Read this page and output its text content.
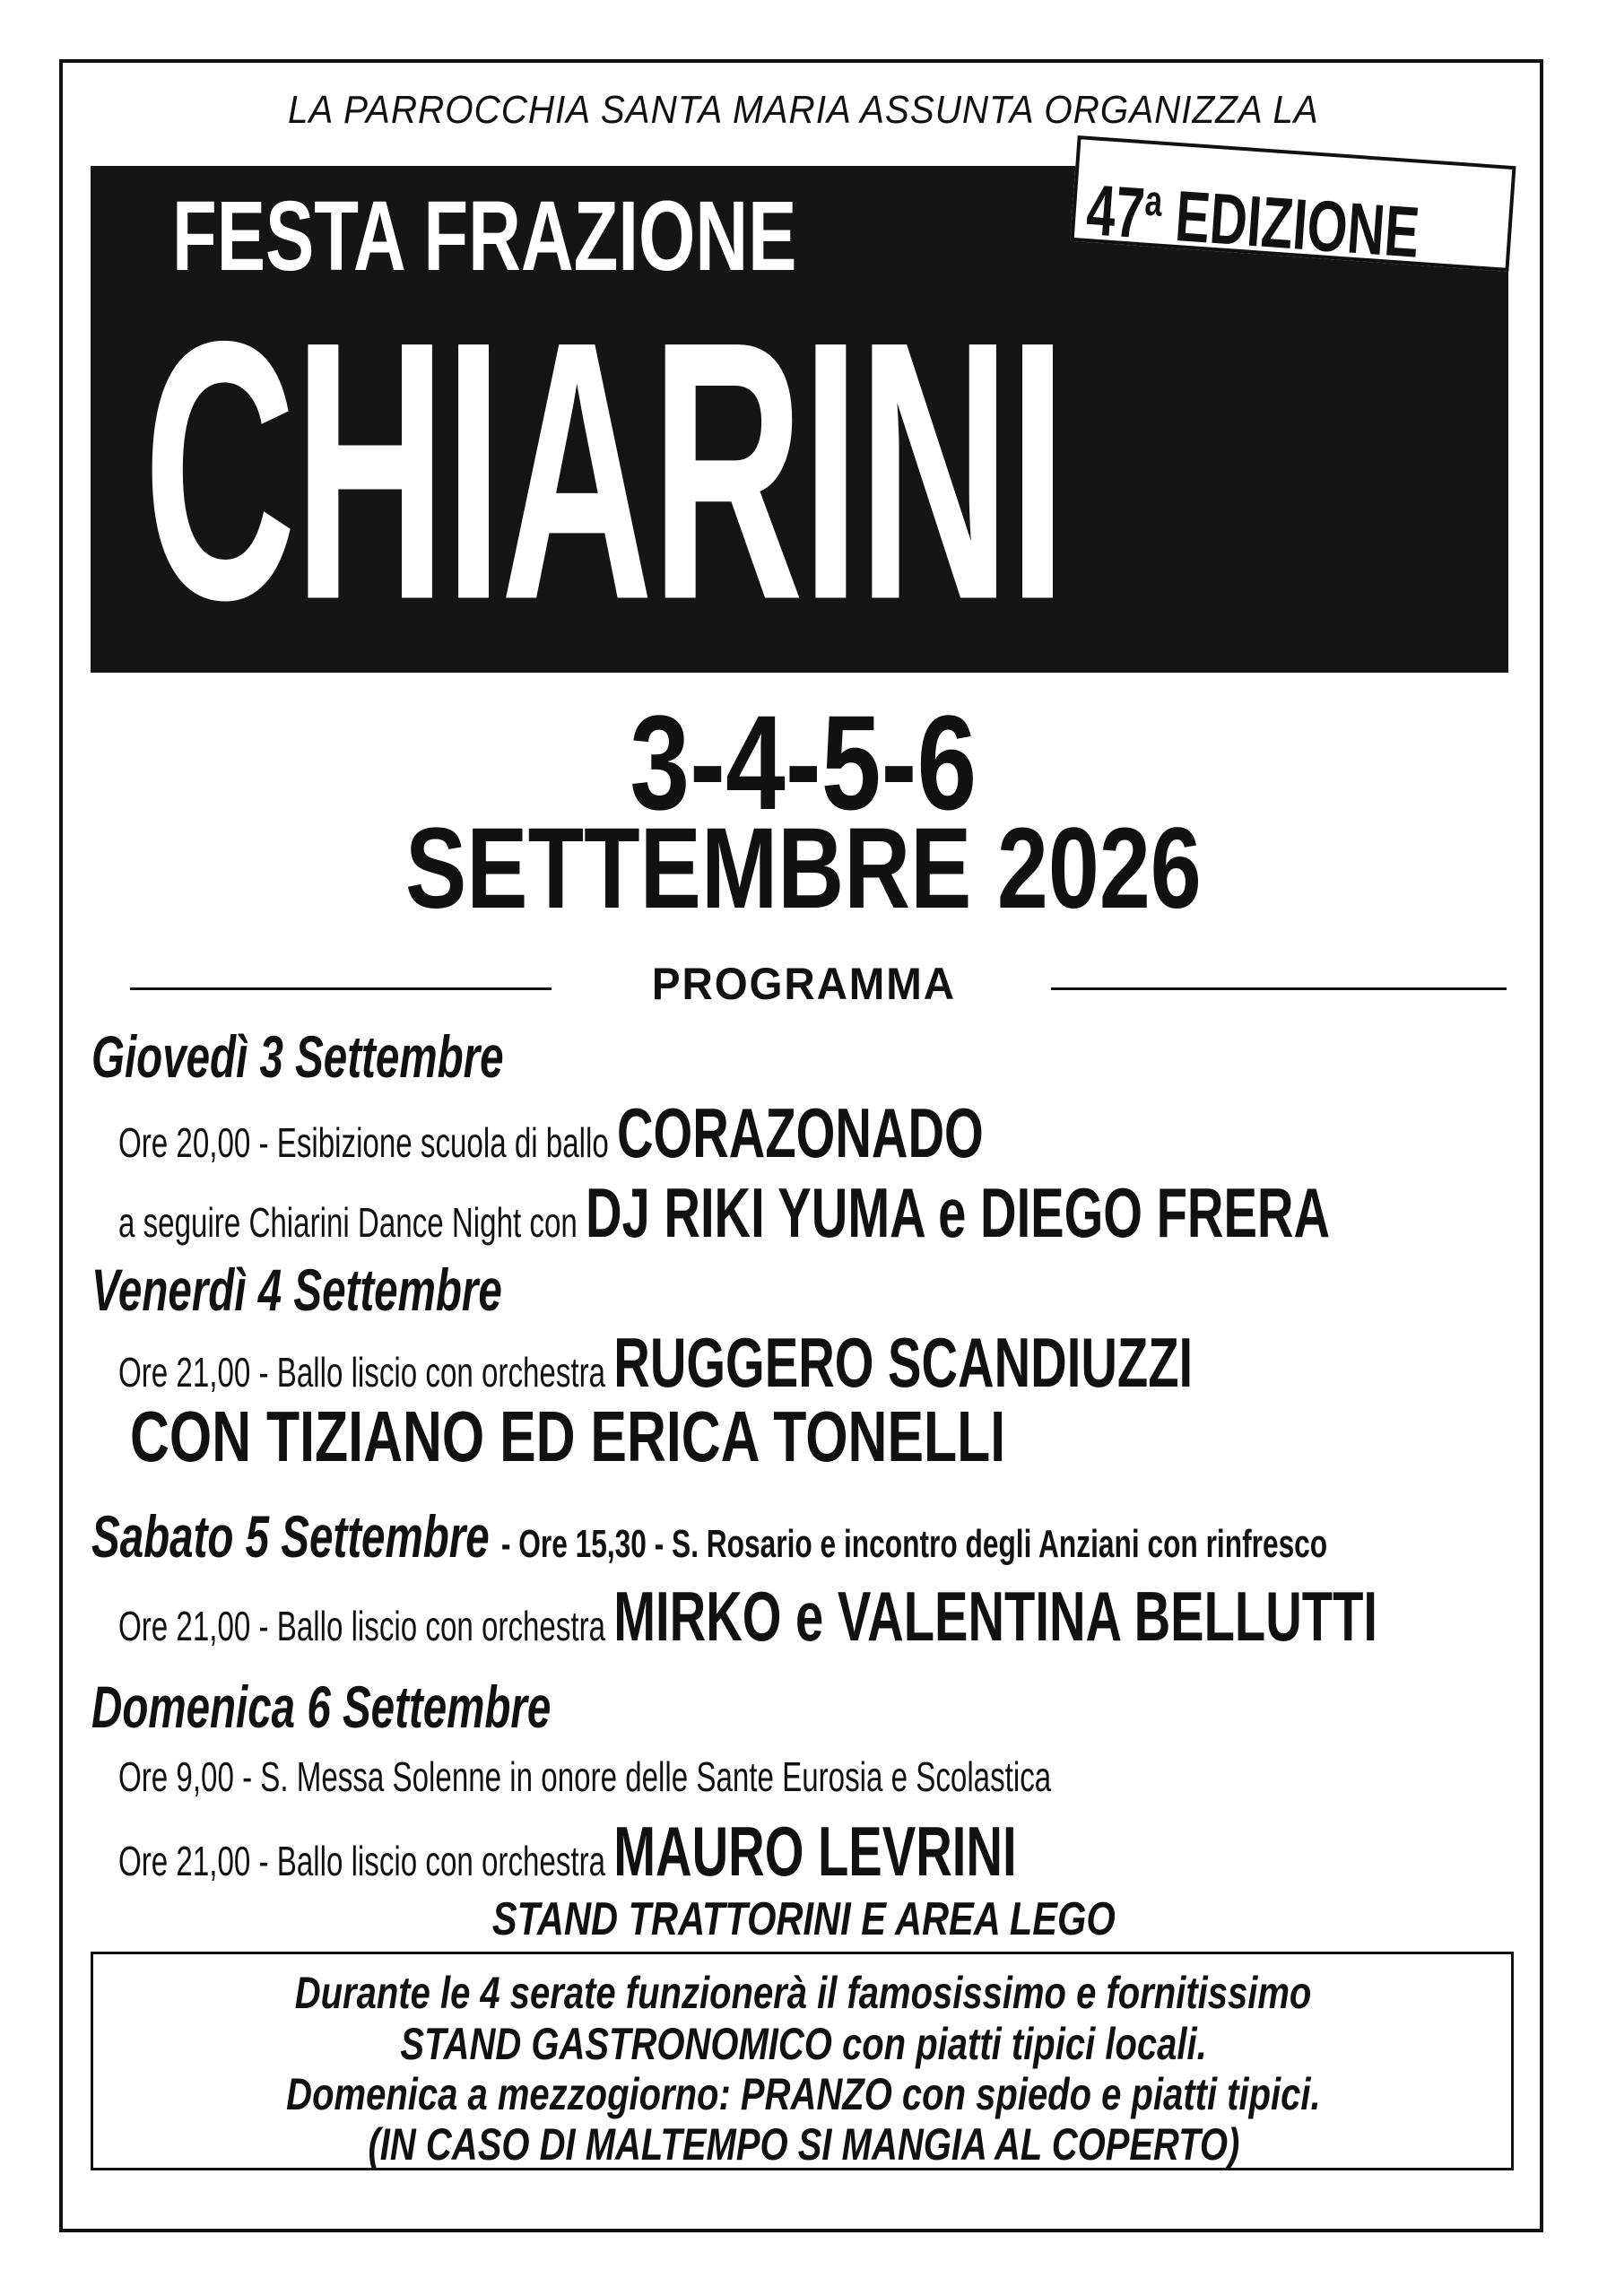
LA PARROCCHIA SANTA MARIA ASSUNTA ORGANIZZA LA
FESTA FRAZIONE	47$^a$ EDIZIONE
CHIARINI
3-4-5-6
SETTEMBRE 2026
PROGRAMMA
Giovedì 3 Settembre
Ore 20,00 - Esibizione scuola di ballo CORAZONADO
a seguire Chiarini Dance Night con DJ RIKI YUMA e DIEGO FRERA
Venerdì 4 Settembre
Ore 21,00 - Ballo liscio con orchestra RUGGERO SCANDIUZZI
CON TIZIANO ED ERICA TONELLI
Sabato 5 Settembre - Ore 15,30 - S. Rosario e incontro degli Anziani con rinfresco
Ore 21,00 - Ballo liscio con orchestra MIRKO e VALENTINA BELLUTTI
Domenica 6 Settembre
Ore 9,00 - S. Messa Solenne in onore delle Sante Eurosia e Scolastica
Ore 21,00 - Ballo liscio con orchestra MAURO LEVRINI
STAND TRATTORINI E AREA LEGO
Durante le 4 serate funzionerà il famosissimo e fornitissimo
STAND GASTRONOMICO con piatti tipici locali.
Domenica a mezzogiorno: PRANZO con spiedo e piatti tipici.
(IN CASO DI MALTEMPO SI MANGIA AL COPERTO)
